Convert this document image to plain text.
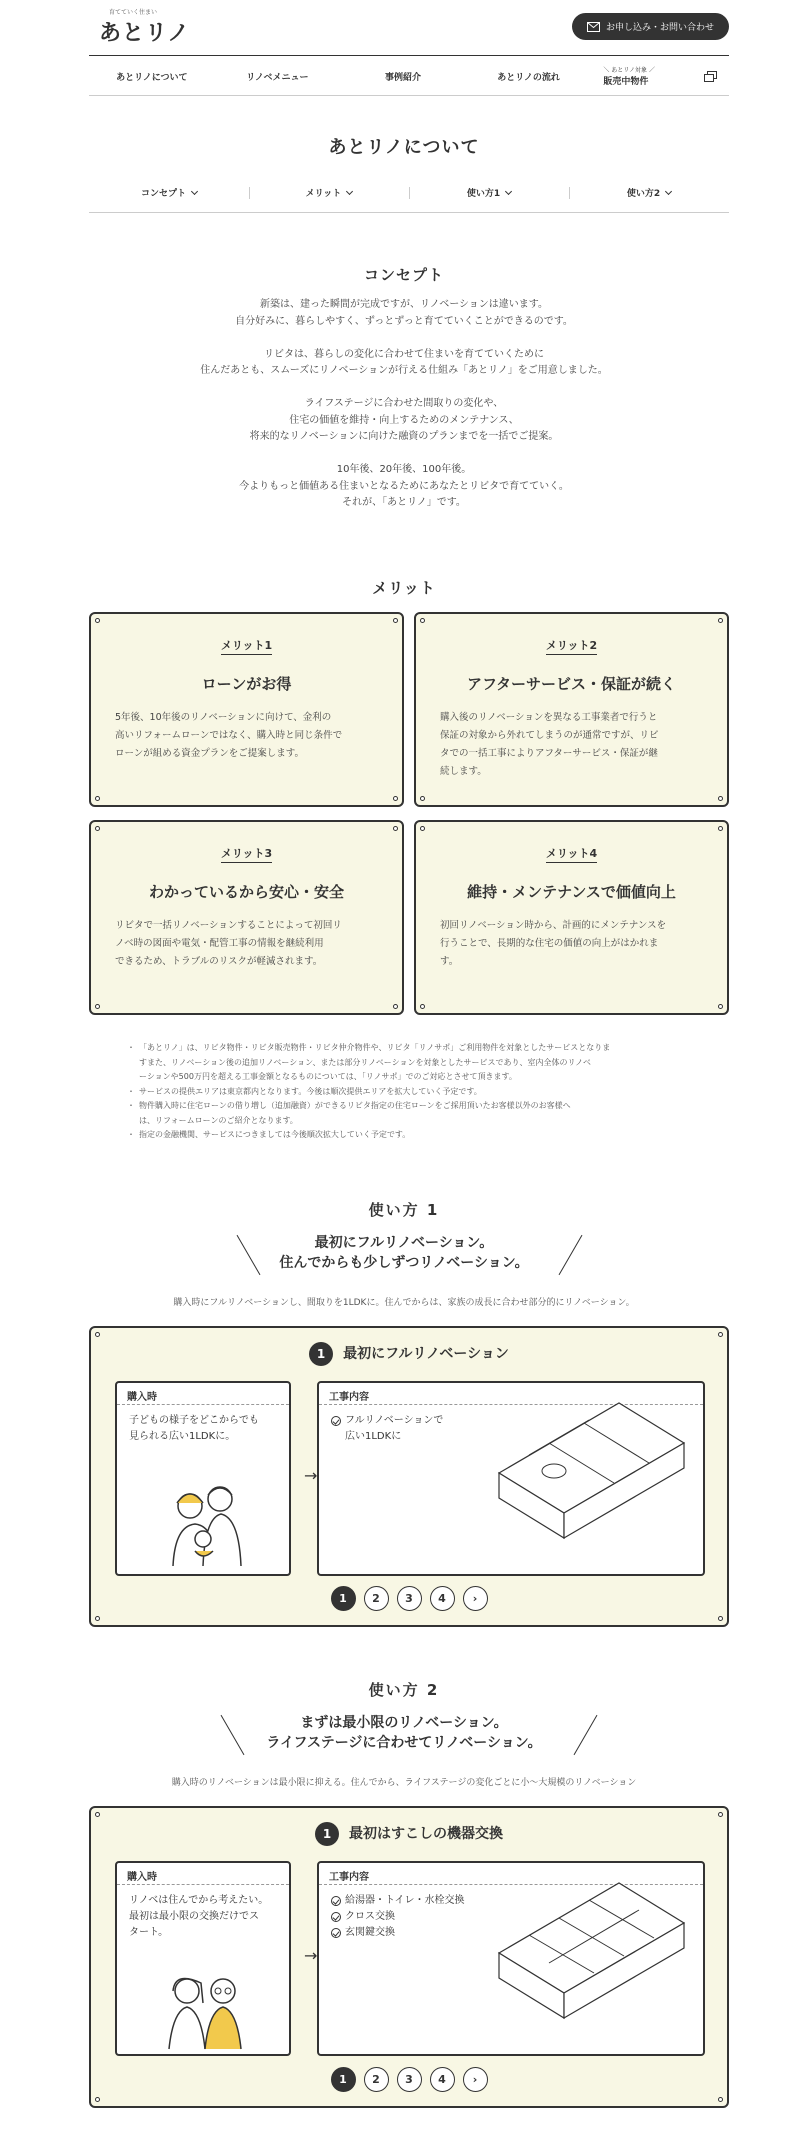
育てていく住まい
あとリノ	お申し込み・お問い合わせ
あとリノについて	リノベメニュー	事例紹介	あとリノの流れ
＼ あとリノ対象 ／
販売中物件
あとリノについて
コンセプト	メリット	使い方1	使い方2
コンセプト

新築は、建った瞬間が完成ですが、リノベーションは違います。
自分好みに、暮らしやすく、ずっとずっと育てていくことができるのです。

リビタは、暮らしの変化に合わせて住まいを育てていくために
住んだあとも、スムーズにリノベーションが行える仕組み「あとリノ」をご用意しました。

ライフステージに合わせた間取りの変化や、
住宅の価値を維持・向上するためのメンテナンス、
将来的なリノベーションに向けた融資のプランまでを一括でご提案。

10年後、20年後、100年後。
今よりもっと価値ある住まいとなるためにあなたとリビタで育てていく。
それが、「あとリノ」です。

メリット
メリット1
ローンがお得
5年後、10年後のリノベーションに向けて、金利の
高いリフォームローンではなく、購入時と同じ条件で
ローンが組める資金プランをご提案します。
メリット2
アフターサービス・保証が続く
購入後のリノベーションを異なる工事業者で行うと
保証の対象から外れてしまうのが通常ですが、リビ
タでの一括工事によりアフターサービス・保証が継
続します。
メリット3
わかっているから安心・安全
リビタで一括リノベーションすることによって初回リ
ノベ時の図面や電気・配管工事の情報を継続利用
できるため、トラブルのリスクが軽減されます。
メリット4
維持・メンテナンスで価値向上
初回リノベーション時から、計画的にメンテナンスを
行うことで、長期的な住宅の価値の向上がはかれま
す。
・ 「あとリノ」は、リビタ物件・リビタ販売物件・リビタ仲介物件や、リビタ「リノサポ」ご利用物件を対象としたサービスとなりま
すまた、リノベーション後の追加リノベーション、または部分リノベーションを対象としたサービスであり、室内全体のリノベ
ーションや500万円を超える工事金額となるものについては、「リノサポ」でのご対応とさせて頂きます。
・ サービスの提供エリアは東京都内となります。今後は順次提供エリアを拡大していく予定です。
・ 物件購入時に住宅ローンの借り増し（追加融資）ができるリビタ指定の住宅ローンをご採用頂いたお客様以外のお客様へ
は、リフォームローンのご紹介となります。
・ 指定の金融機関、サービスにつきましては今後順次拡大していく予定です。
使い方 1
最初にフルリノベーション。
住んでからも少しずつリノベーション。
購入時にフルリノベーションし、間取りを1LDKに。住んでからは、家族の成長に合わせ部分的にリノベーション。
1 最初にフルリノベーション
購入時
子どもの様子をどこからでも
見られる広い1LDKに。
→
工事内容
フルリノベーションで
広い1LDKに
1	2	3	4	›
使い方 2
まずは最小限のリノベーション。
ライフステージに合わせてリノベーション。
購入時のリノベーションは最小限に抑える。住んでから、ライフステージの変化ごとに小〜大規模のリノベーション
1 最初はすこしの機器交換
購入時
リノベは住んでから考えたい。
最初は最小限の交換だけでス
タート。
→
工事内容
給湯器・トイレ・水栓交換
クロス交換
玄関鍵交換
1	2	3	4	›
